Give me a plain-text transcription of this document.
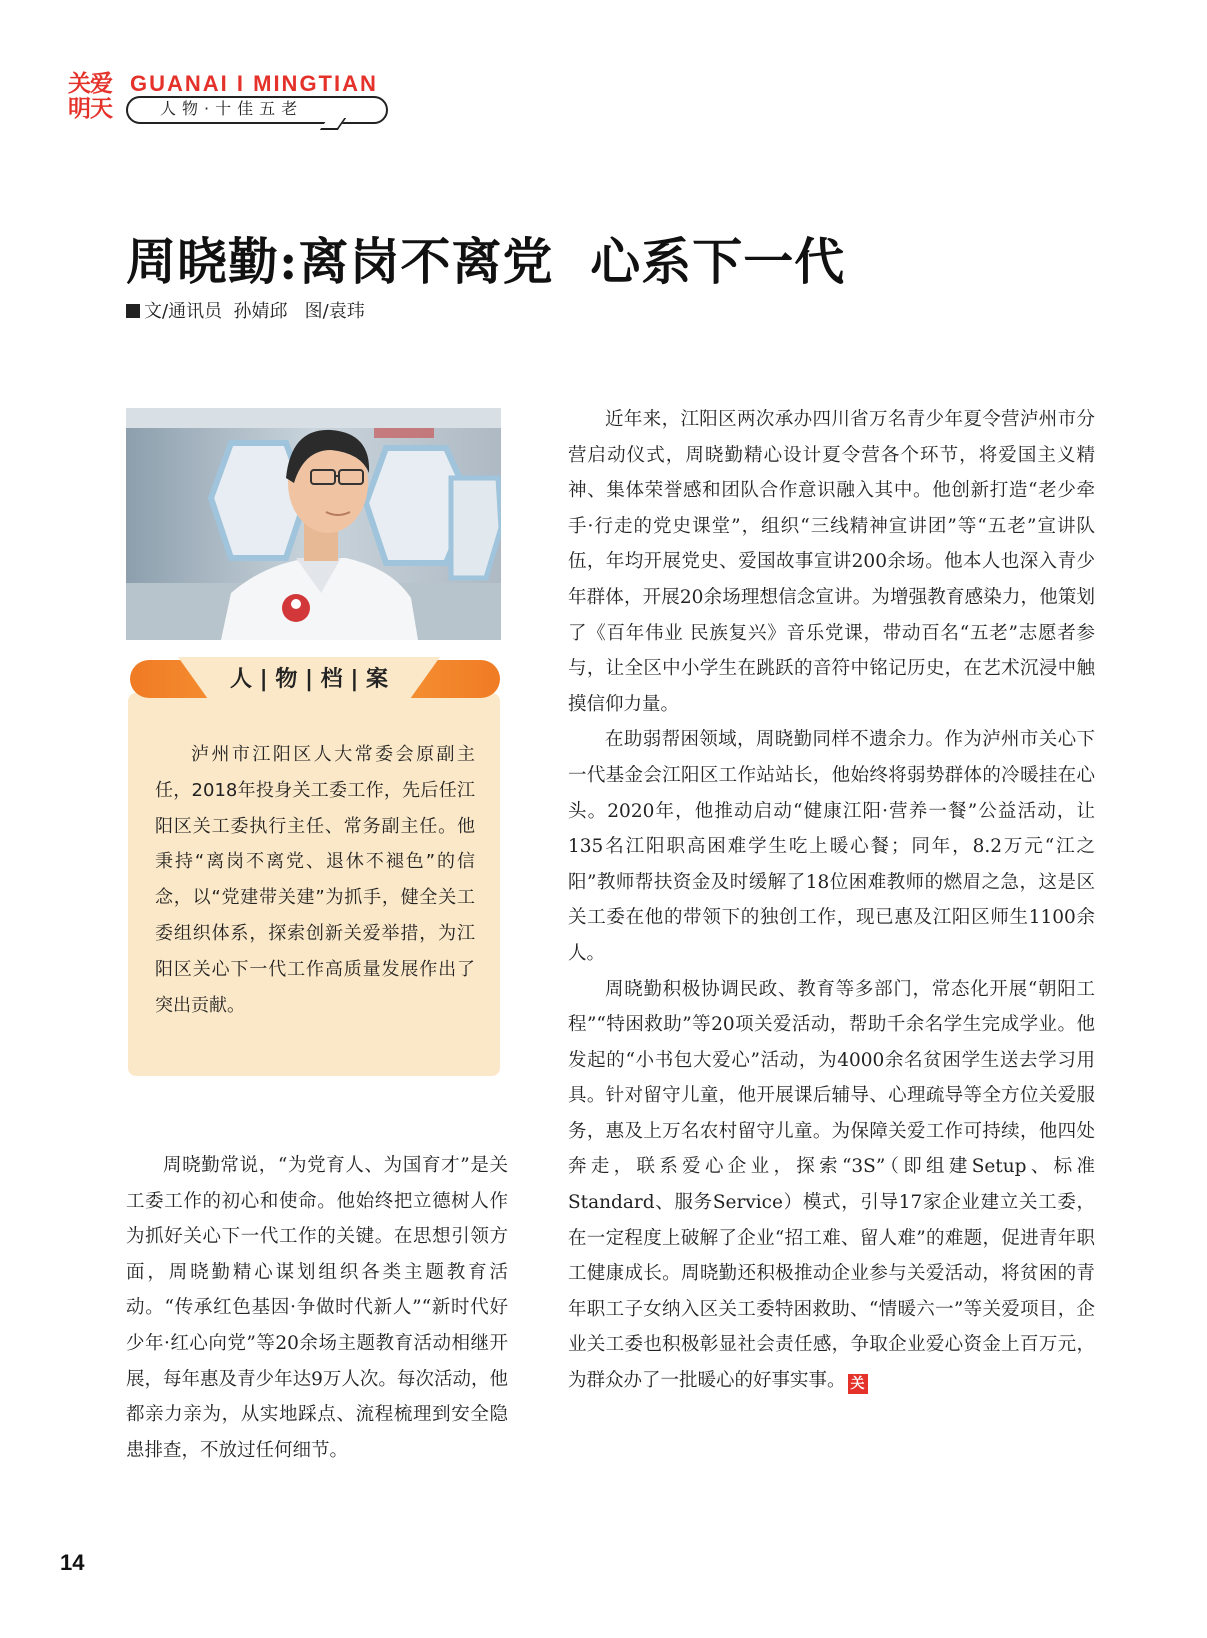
关爱明天
GUANAI I MINGTIAN
人物·十佳五老
周晓勤:离岗不离党  心系下一代
文/通讯员  孙婧邱   图/袁玮
人 | 物 | 档 | 案

泸州市江阳区人大常委会原副主任，2018年投身关工委工作，先后任江阳区关工委执行主任、常务副主任。他秉持“离岗不离党、退休不褪色”的信念，以“党建带关建”为抓手，健全关工委组织体系，探索创新关爱举措，为江阳区关心下一代工作高质量发展作出了突出贡献。

周晓勤常说，“为党育人、为国育才”是关工委工作的初心和使命。他始终把立德树人作为抓好关心下一代工作的关键。在思想引领方面，周晓勤精心谋划组织各类主题教育活动。“传承红色基因·争做时代新人”“新时代好少年·红心向党”等20余场主题教育活动相继开展，每年惠及青少年达9万人次。每次活动，他都亲力亲为，从实地踩点、流程梳理到安全隐患排查，不放过任何细节。

近年来，江阳区两次承办四川省万名青少年夏令营泸州市分营启动仪式，周晓勤精心设计夏令营各个环节，将爱国主义精神、集体荣誉感和团队合作意识融入其中。他创新打造“老少牵手·行走的党史课堂”，组织“三线精神宣讲团”等“五老”宣讲队伍，年均开展党史、爱国故事宣讲200余场。他本人也深入青少年群体，开展20余场理想信念宣讲。为增强教育感染力，他策划了《百年伟业 民族复兴》音乐党课，带动百名“五老”志愿者参与，让全区中小学生在跳跃的音符中铭记历史，在艺术沉浸中触摸信仰力量。

在助弱帮困领域，周晓勤同样不遗余力。作为泸州市关心下一代基金会江阳区工作站站长，他始终将弱势群体的冷暖挂在心头。2020年，他推动启动“健康江阳·营养一餐”公益活动，让135名江阳职高困难学生吃上暖心餐；同年，8.2万元“江之阳”教师帮扶资金及时缓解了18位困难教师的燃眉之急，这是区关工委在他的带领下的独创工作，现已惠及江阳区师生1100余人。

周晓勤积极协调民政、教育等多部门，常态化开展“朝阳工程”“特困救助”等20项关爱活动，帮助千余名学生完成学业。他发起的“小书包大爱心”活动，为4000余名贫困学生送去学习用具。针对留守儿童，他开展课后辅导、心理疏导等全方位关爱服务，惠及上万名农村留守儿童。为保障关爱工作可持续，他四处奔走，联系爱心企业，探索“3S”（即组建Setup、标准Standard、服务Service）模式，引导17家企业建立关工委，在一定程度上破解了企业“招工难、留人难”的难题，促进青年职工健康成长。周晓勤还积极推动企业参与关爱活动，将贫困的青年职工子女纳入区关工委特困救助、“情暖六一”等关爱项目，企业关工委也积极彰显社会责任感，争取企业爱心资金上百万元，为群众办了一批暖心的好事实事。 关

14
